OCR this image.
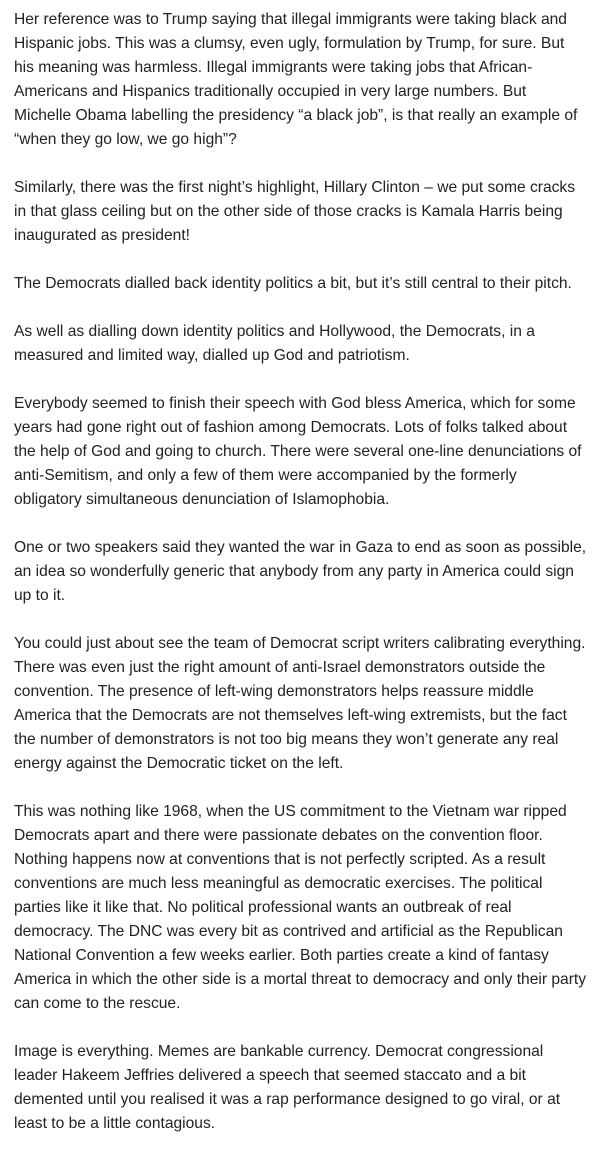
Her reference was to Trump saying that illegal immigrants were taking black and Hispanic jobs. This was a clumsy, even ugly, formulation by Trump, for sure. But his meaning was harmless. Illegal immigrants were taking jobs that African-Americans and Hispanics traditionally occupied in very large numbers. But Michelle Obama labelling the presidency “a black job”, is that really an example of “when they go low, we go high”?

Similarly, there was the first night’s highlight, Hillary Clinton – we put some cracks in that glass ceiling but on the other side of those cracks is Kamala Harris being inaugurated as president!

The Democrats dialled back identity politics a bit, but it’s still central to their pitch.

As well as dialling down identity politics and Hollywood, the Democrats, in a measured and limited way, dialled up God and patriotism.

Everybody seemed to finish their speech with God bless America, which for some years had gone right out of fashion among Democrats. Lots of folks talked about the help of God and going to church. There were several one-line denunciations of anti-Semitism, and only a few of them were accompanied by the formerly obligatory simultaneous denunciation of Islamophobia.

One or two speakers said they wanted the war in Gaza to end as soon as possible, an idea so wonderfully generic that anybody from any party in America could sign up to it.

You could just about see the team of Democrat script writers calibrating everything. There was even just the right amount of anti-Israel demonstrators outside the convention. The presence of left-wing demonstrators helps reassure middle America that the Democrats are not themselves left-wing extremists, but the fact the number of demonstrators is not too big means they won’t generate any real energy against the Democratic ticket on the left.

This was nothing like 1968, when the US commitment to the Vietnam war ripped Democrats apart and there were passionate debates on the convention floor. Nothing happens now at conventions that is not perfectly scripted. As a result conventions are much less meaningful as democratic exercises. The political parties like it like that. No political professional wants an outbreak of real democracy. The DNC was every bit as contrived and artificial as the Republican National Convention a few weeks earlier. Both parties create a kind of fantasy America in which the other side is a mortal threat to democracy and only their party can come to the rescue.

Image is everything. Memes are bankable currency. Democrat congressional leader Hakeem Jeffries delivered a speech that seemed staccato and a bit demented until you realised it was a rap performance designed to go viral, or at least to be a little contagious.
